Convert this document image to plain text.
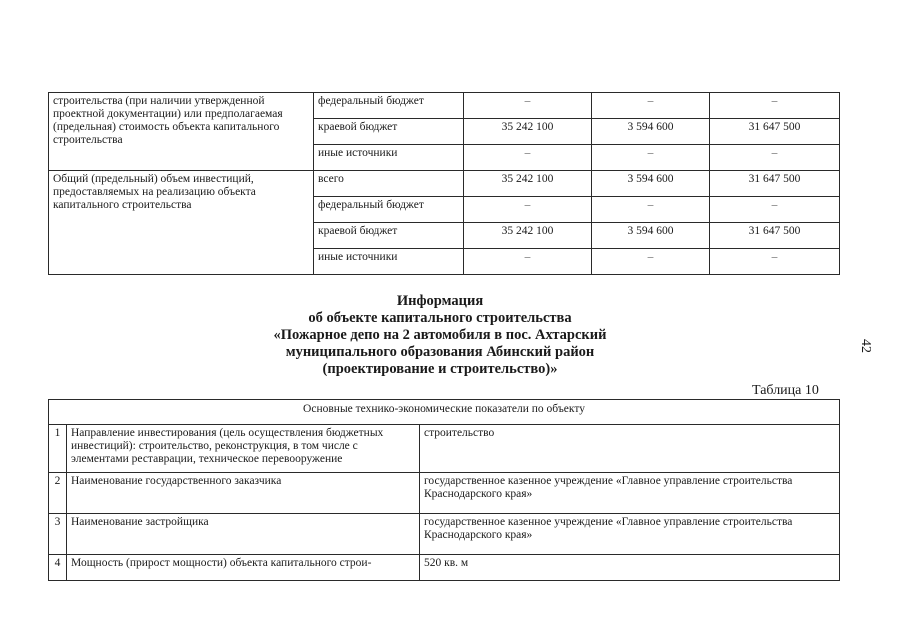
строительства (при наличии утвержденной проектной документации) или предполагаемая (предельная) стоимость объекта капитального строительства	федеральный бюджет	–	–	–
	краевой бюджет	35 242 100	3 594 600	31 647 500
	иные источники	–	–	–
Общий (предельный) объем инвестиций, предоставляемых на реализацию объекта капитального строительства	всего	35 242 100	3 594 600	31 647 500
	федеральный бюджет	–	–	–
	краевой бюджет	35 242 100	3 594 600	31 647 500
	иные источники	–	–	–
Информация
об объекте капитального строительства
«Пожарное депо на 2 автомобиля в пос. Ахтарский
муниципального образования Абинский район
(проектирование и строительство)»
42
Таблица 10
Основные технико-экономические показатели по объекту		
1	Направление инвестирования (цель осуществления бюджетных инвестиций): строительство, реконструкция, в том числе с элементами реставрации, техническое перевооружение	строительство
2	Наименование государственного заказчика	государственное казенное учреждение «Главное управление строительства Краснодарского края»
3	Наименование застройщика	государственное казенное учреждение «Главное управление строительства Краснодарского края»
4	Мощность (прирост мощности) объекта капитального строи-	520 кв. м
